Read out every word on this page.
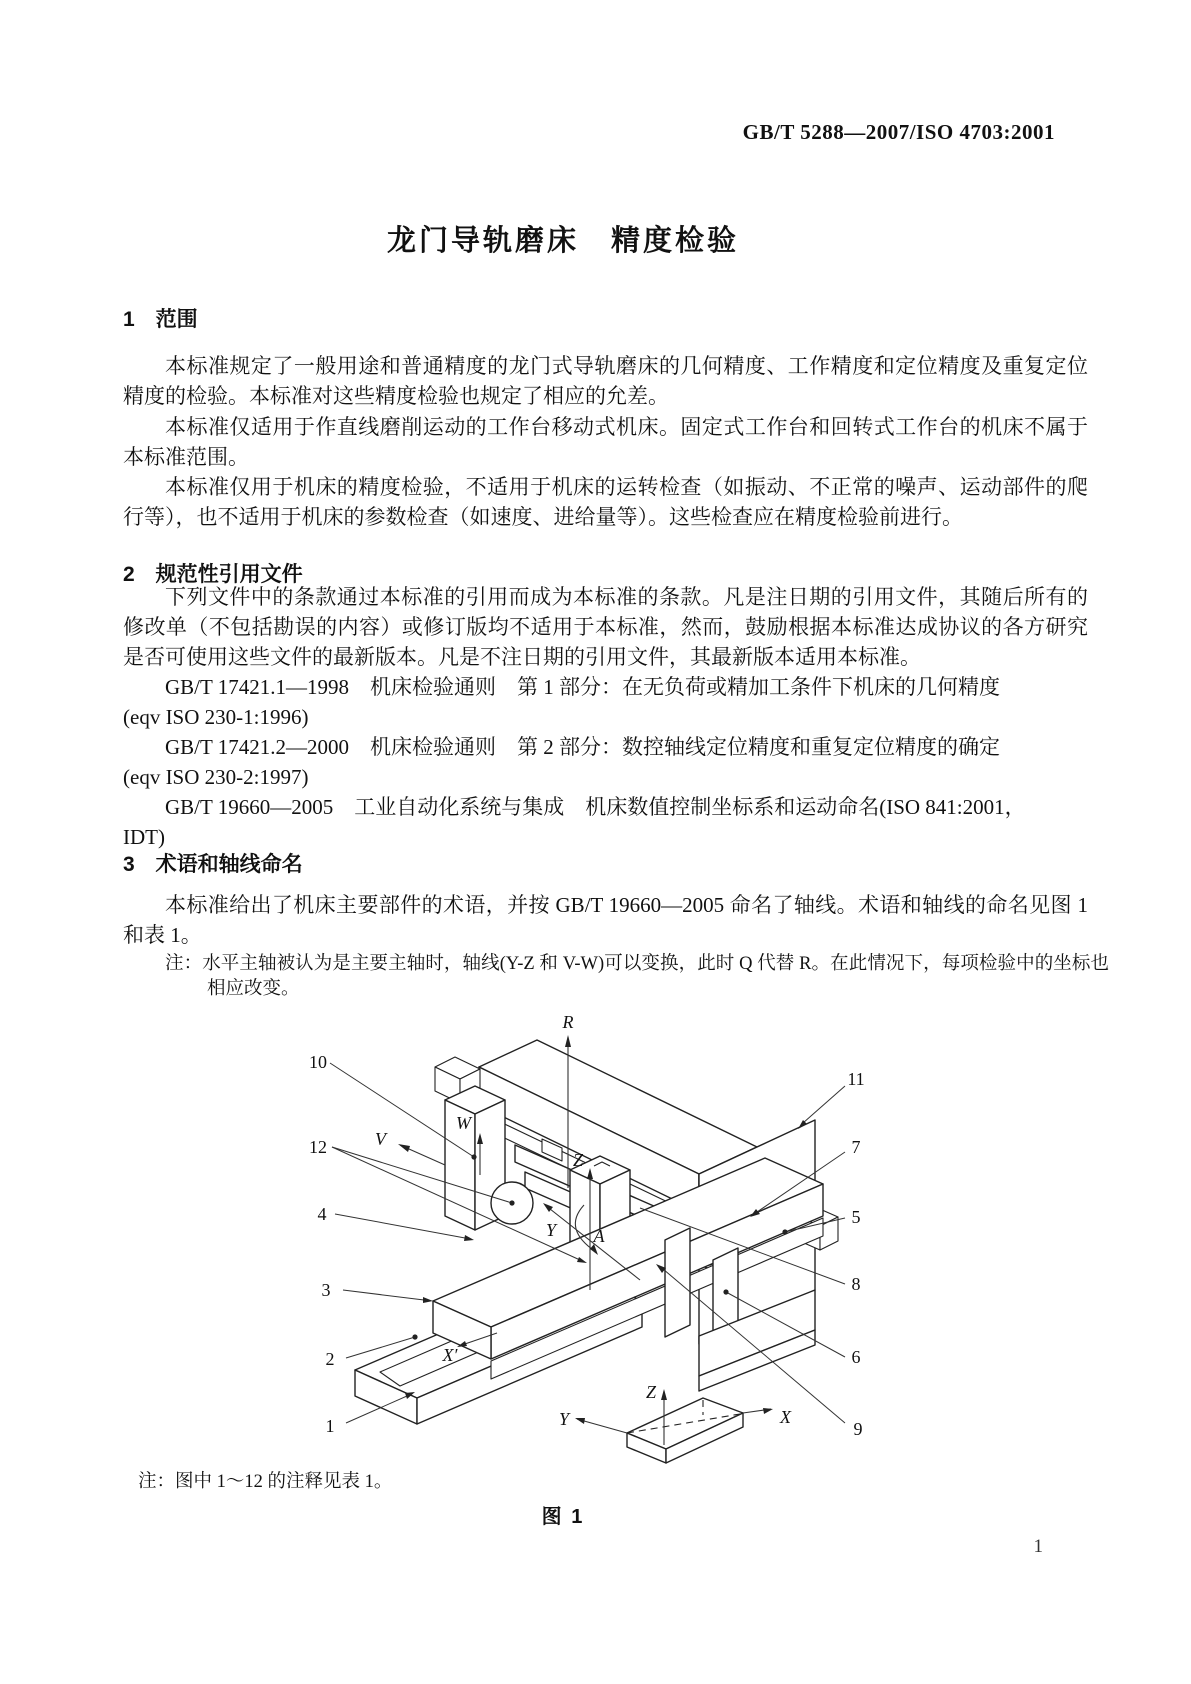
GB/T 5288—2007/ISO 4703:2001
龙门导轨磨床　精度检验
1　范围
本标准规定了一般用途和普通精度的龙门式导轨磨床的几何精度、工作精度和定位精度及重复定位精度的检验。本标准对这些精度检验也规定了相应的允差。
本标准仅适用于作直线磨削运动的工作台移动式机床。固定式工作台和回转式工作台的机床不属于本标准范围。
本标准仅用于机床的精度检验，不适用于机床的运转检查（如振动、不正常的噪声、运动部件的爬行等），也不适用于机床的参数检查（如速度、进给量等）。这些检查应在精度检验前进行。
2　规范性引用文件

下列文件中的条款通过本标准的引用而成为本标准的条款。凡是注日期的引用文件，其随后所有的修改单（不包括勘误的内容）或修订版均不适用于本标准，然而，鼓励根据本标准达成协议的各方研究是否可使用这些文件的最新版本。凡是不注日期的引用文件，其最新版本适用本标准。

GB/T 17421.1—1998　机床检验通则　第 1 部分：在无负荷或精加工条件下机床的几何精度

(eqv ISO 230-1:1996)

GB/T 17421.2—2000　机床检验通则　第 2 部分：数控轴线定位精度和重复定位精度的确定

(eqv ISO 230-2:1997)

GB/T 19660—2005　工业自动化系统与集成　机床数值控制坐标系和运动命名(ISO 841:2001，

IDT)

3　术语和轴线命名
本标准给出了机床主要部件的术语，并按 GB/T 19660—2005 命名了轴线。术语和轴线的命名见图 1 和表 1。
注：水平主轴被认为是主要主轴时，轴线(Y-Z 和 V-W)可以变换，此时 Q 代替 R。在此情况下，每项检验中的坐标也相应改变。
10
12
4
3
2
1
11
7
5
8
6
9
R
W
V
Z
Y A
X′
Z
Y	X
注：图中 1～12 的注释见表 1。
图 1
1
